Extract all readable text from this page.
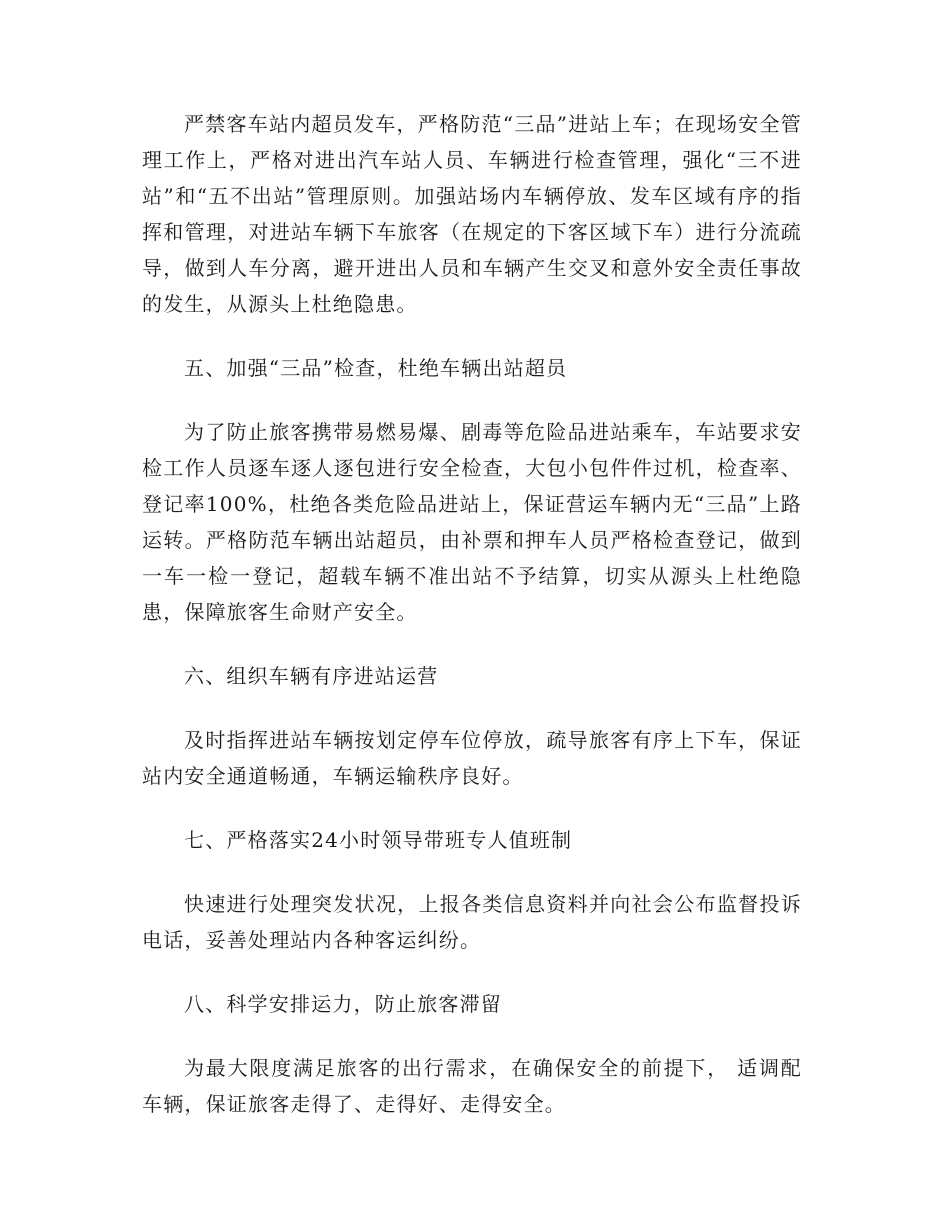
严禁客车站内超员发车，严格防范“三品”进站上车；在现场安全管理工作上，严格对进出汽车站人员、车辆进行检查管理，强化“三不进站”和“五不出站”管理原则。加强站场内车辆停放、发车区域有序的指挥和管理，对进站车辆下车旅客（在规定的下客区域下车）进行分流疏导，做到人车分离，避开进出人员和车辆产生交叉和意外安全责任事故的发生，从源头上杜绝隐患。

五、加强“三品”检查，杜绝车辆出站超员

为了防止旅客携带易燃易爆、剧毒等危险品进站乘车，车站要求安检工作人员逐车逐人逐包进行安全检查，大包小包件件过机，检查率、登记率100%，杜绝各类危险品进站上，保证营运车辆内无“三品”上路运转。严格防范车辆出站超员，由补票和押车人员严格检查登记，做到一车一检一登记，超载车辆不准出站不予结算，切实从源头上杜绝隐患，保障旅客生命财产安全。

六、组织车辆有序进站运营

及时指挥进站车辆按划定停车位停放，疏导旅客有序上下车，保证站内安全通道畅通，车辆运输秩序良好。

七、严格落实24小时领导带班专人值班制

快速进行处理突发状况，上报各类信息资料并向社会公布监督投诉电话，妥善处理站内各种客运纠纷。

八、科学安排运力，防止旅客滞留

为最大限度满足旅客的出行需求，在确保安全的前提下， 适调配车辆，保证旅客走得了、走得好、走得安全。
